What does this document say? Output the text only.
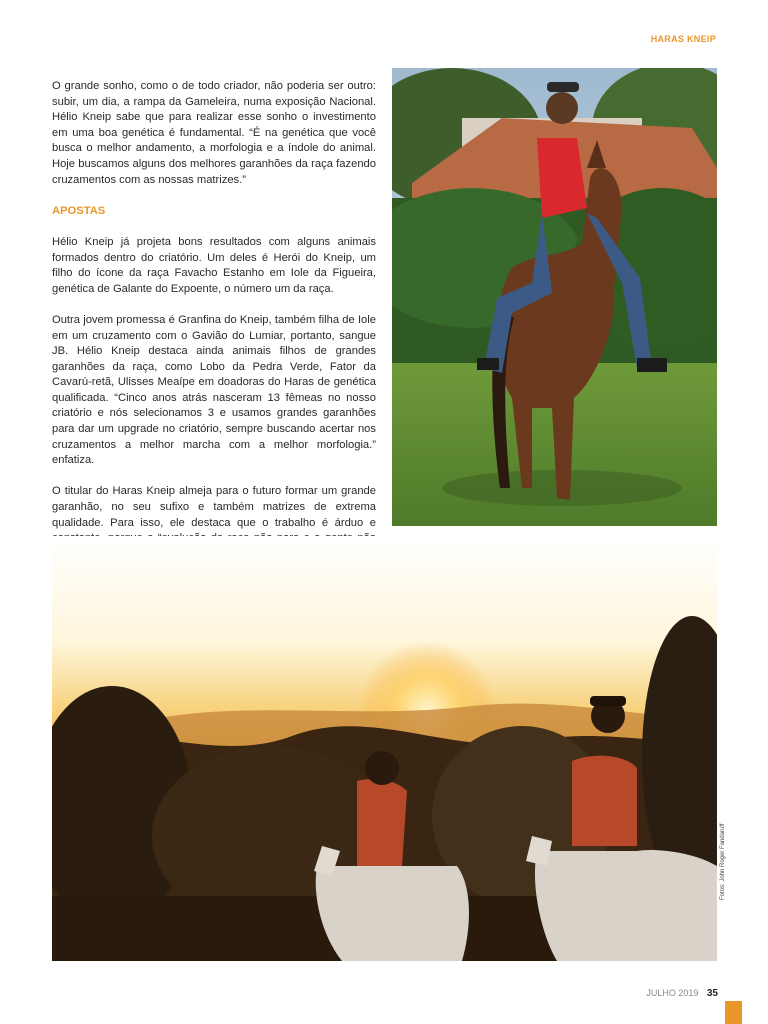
HARAS KNEIP

O grande sonho, como o de todo criador, não poderia ser outro: subir, um dia, a rampa da Gameleira, numa exposição Nacional. Hélio Kneip sabe que para realizar esse sonho o investimento em uma boa genética é fundamental. “É na genética que você busca o melhor andamento, a morfologia e a índole do animal. Hoje buscamos alguns dos melhores garanhões da raça fazendo cruzamentos com as nossas matrizes.”

APOSTAS

Hélio Kneip já projeta bons resultados com alguns animais formados dentro do criatório. Um deles é Herói do Kneip, um filho do ícone da raça Favacho Estanho em Iole da Figueira, genética de Galante do Expoente, o número um da raça.

Outra jovem promessa é Granfina do Kneip, também filha de Iole em um cruzamento com o Gavião do Lumiar, portanto, sangue JB. Hélio Kneip destaca ainda animais filhos de grandes garanhões da raça, como Lobo da Pedra Verde, Fator da Cavarú-retã, Ulisses Meaípe em doadoras do Haras de genética qualificada. “Cinco anos atrás nasceram 13 fêmeas no nosso criatório e nós selecionamos 3 e usamos grandes garanhões para dar um upgrade no criatório, sempre buscando acertar nos cruzamentos a melhor marcha com a melhor morfologia.” enfatiza.

O titular do Haras Kneip almeja para o futuro formar um grande garanhão, no seu sufixo e também matrizes de extrema qualidade. Para isso, ele destaca que o trabalho é árduo e

Fotos: John Roger Fandaruff
JULHO 2019 35
